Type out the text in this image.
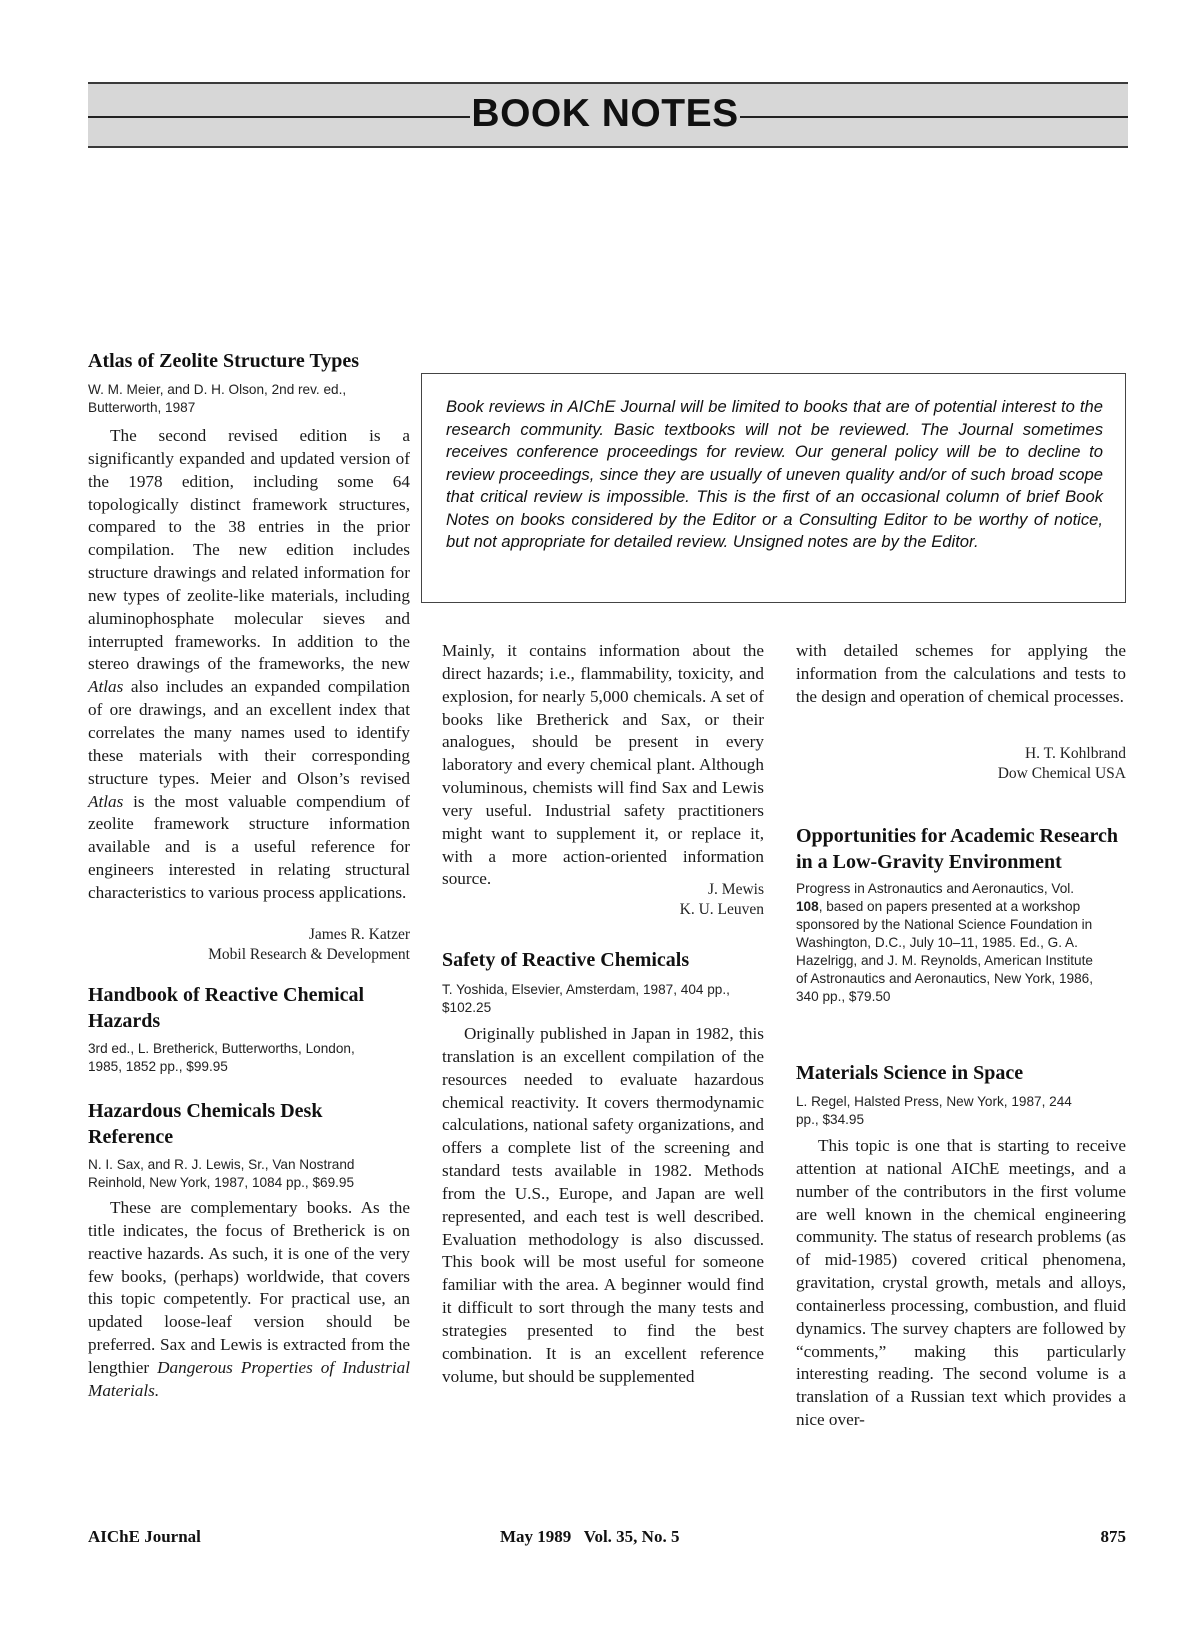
BOOK NOTES
Book reviews in AIChE Journal will be limited to books that are of potential interest to the research community. Basic textbooks will not be reviewed. The Journal sometimes receives conference proceedings for review. Our general policy will be to decline to review proceedings, since they are usually of uneven quality and/or of such broad scope that critical review is impossible. This is the first of an occasional column of brief Book Notes on books considered by the Editor or a Consulting Editor to be worthy of notice, but not appropriate for detailed review. Unsigned notes are by the Editor.
Atlas of Zeolite Structure Types
W. M. Meier, and D. H. Olson, 2nd rev. ed., Butterworth, 1987
The second revised edition is a significantly expanded and updated version of the 1978 edition, including some 64 topologically distinct framework structures, compared to the 38 entries in the prior compilation. The new edition includes structure drawings and related information for new types of zeolite-like materials, including aluminophosphate molecular sieves and interrupted frameworks. In addition to the stereo drawings of the frameworks, the new Atlas also includes an expanded compilation of ore drawings, and an excellent index that correlates the many names used to identify these materials with their corresponding structure types. Meier and Olson’s revised Atlas is the most valuable compendium of zeolite framework structure information available and is a useful reference for engineers interested in relating structural characteristics to various process applications.
James R. Katzer
Mobil Research & Development
Handbook of Reactive Chemical Hazards
3rd ed., L. Bretherick, Butterworths, London, 1985, 1852 pp., $99.95
Hazardous Chemicals Desk Reference
N. I. Sax, and R. J. Lewis, Sr., Van Nostrand Reinhold, New York, 1987, 1084 pp., $69.95
These are complementary books. As the title indicates, the focus of Bretherick is on reactive hazards. As such, it is one of the very few books, (perhaps) worldwide, that covers this topic competently. For practical use, an updated loose-leaf version should be preferred. Sax and Lewis is extracted from the lengthier Dangerous Properties of Industrial Materials.
Mainly, it contains information about the direct hazards; i.e., flammability, toxicity, and explosion, for nearly 5,000 chemicals. A set of books like Bretherick and Sax, or their analogues, should be present in every laboratory and every chemical plant. Although voluminous, chemists will find Sax and Lewis very useful. Industrial safety practitioners might want to supplement it, or replace it, with a more action-oriented information source.
J. Mewis
K. U. Leuven
Safety of Reactive Chemicals
T. Yoshida, Elsevier, Amsterdam, 1987, 404 pp., $102.25
Originally published in Japan in 1982, this translation is an excellent compilation of the resources needed to evaluate hazardous chemical reactivity. It covers thermodynamic calculations, national safety organizations, and offers a complete list of the screening and standard tests available in 1982. Methods from the U.S., Europe, and Japan are well represented, and each test is well described. Evaluation methodology is also discussed. This book will be most useful for someone familiar with the area. A beginner would find it difficult to sort through the many tests and strategies presented to find the best combination. It is an excellent reference volume, but should be supplemented
with detailed schemes for applying the information from the calculations and tests to the design and operation of chemical processes.
H. T. Kohlbrand
Dow Chemical USA
Opportunities for Academic Research in a Low-Gravity Environment
Progress in Astronautics and Aeronautics, Vol. 108, based on papers presented at a workshop sponsored by the National Science Foundation in Washington, D.C., July 10–11, 1985. Ed., G. A. Hazelrigg, and J. M. Reynolds, American Institute of Astronautics and Aeronautics, New York, 1986, 340 pp., $79.50
Materials Science in Space
L. Regel, Halsted Press, New York, 1987, 244 pp., $34.95
This topic is one that is starting to receive attention at national AIChE meetings, and a number of the contributors in the first volume are well known in the chemical engineering community. The status of research problems (as of mid-1985) covered critical phenomena, gravitation, crystal growth, metals and alloys, containerless processing, combustion, and fluid dynamics. The survey chapters are followed by “comments,” making this particularly interesting reading. The second volume is a translation of a Russian text which provides a nice over-
AIChE Journal	May 1989   Vol. 35, No. 5	875
